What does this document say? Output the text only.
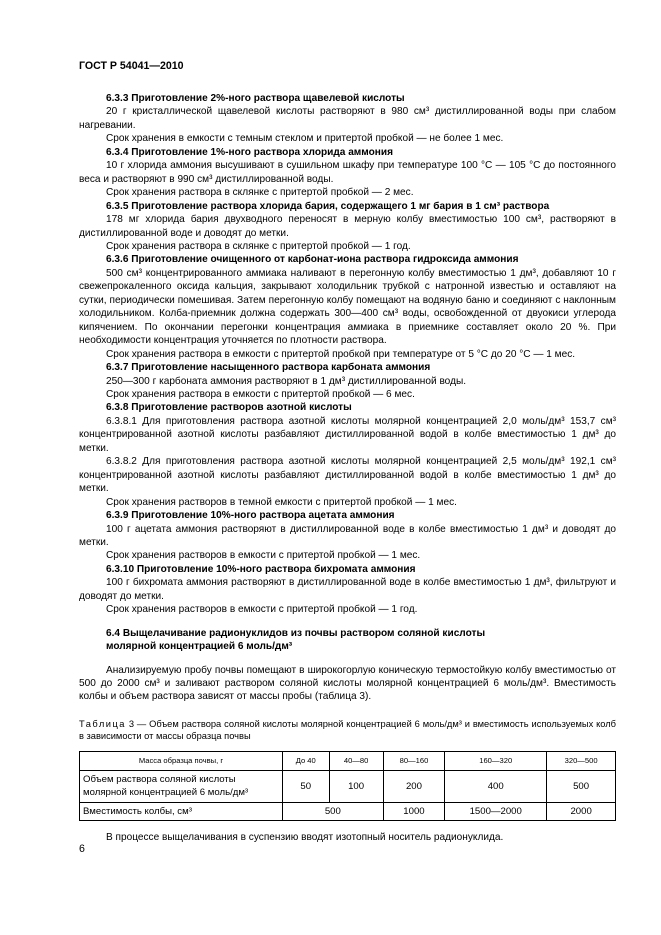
ГОСТ Р 54041—2010

6.3.3 Приготовление 2%-ного раствора щавелевой кислоты

20 г кристаллической щавелевой кислоты растворяют в 980 см³ дистиллированной воды при слабом нагревании.

Срок хранения в емкости с темным стеклом и притертой пробкой — не более 1 мес.

6.3.4 Приготовление 1%-ного раствора хлорида аммония

10 г хлорида аммония высушивают в сушильном шкафу при температуре 100 °С — 105 °С до постоянного веса и растворяют в 990 см³ дистиллированной воды.

Срок хранения раствора в склянке с притертой пробкой — 2 мес.

6.3.5 Приготовление раствора хлорида бария, содержащего 1 мг бария в 1 см³ раствора

178 мг хлорида бария двухводного переносят в мерную колбу вместимостью 100 см³, растворяют в дистиллированной воде и доводят до метки.

Срок хранения раствора в склянке с притертой пробкой — 1 год.

6.3.6 Приготовление очищенного от карбонат-иона раствора гидроксида аммония

500 см³ концентрированного аммиака наливают в перегонную колбу вместимостью 1 дм³, добавляют 10 г свежепрокаленного оксида кальция, закрывают холодильник трубкой с натронной известью и оставляют на сутки, периодически помешивая. Затем перегонную колбу помещают на водяную баню и соединяют с наклонным холодильником. Колба-приемник должна содержать 300—400 см³ воды, освобожденной от двуокиси углерода кипячением. По окончании перегонки концентрация аммиака в приемнике составляет около 20 %. При необходимости концентрация уточняется по плотности раствора.

Срок хранения раствора в емкости с притертой пробкой при температуре от 5 °С до 20 °С — 1 мес.

6.3.7 Приготовление насыщенного раствора карбоната аммония

250—300 г карбоната аммония растворяют в 1 дм³ дистиллированной воды.

Срок хранения раствора в емкости с притертой пробкой — 6 мес.

6.3.8 Приготовление растворов азотной кислоты

6.3.8.1 Для приготовления раствора азотной кислоты молярной концентрацией 2,0 моль/дм³ 153,7 см³ концентрированной азотной кислоты разбавляют дистиллированной водой в колбе вместимостью 1 дм³ до метки.

6.3.8.2 Для приготовления раствора азотной кислоты молярной концентрацией 2,5 моль/дм³ 192,1 см³ концентрированной азотной кислоты разбавляют дистиллированной водой в колбе вместимостью 1 дм³ до метки.

Срок хранения растворов в темной емкости с притертой пробкой — 1 мес.

6.3.9 Приготовление 10%-ного раствора ацетата аммония

100 г ацетата аммония растворяют в дистиллированной воде в колбе вместимостью 1 дм³ и доводят до метки.

Срок хранения растворов в емкости с притертой пробкой — 1 мес.

6.3.10 Приготовление 10%-ного раствора бихромата аммония

100 г бихромата аммония растворяют в дистиллированной воде в колбе вместимостью 1 дм³, фильтруют и доводят до метки.

Срок хранения растворов в емкости с притертой пробкой — 1 год.

6.4 Выщелачивание радионуклидов из почвы раствором соляной кислоты

молярной концентрацией 6 моль/дм³

Анализируемую пробу почвы помещают в широкогорлую коническую термостойкую колбу вместимостью от 500 до 2000 см³ и заливают раствором соляной кислоты молярной концентрацией 6 моль/дм³. Вместимость колбы и объем раствора зависят от массы пробы (таблица 3).

Таблица 3 — Объем раствора соляной кислоты молярной концентрацией 6 моль/дм³ и вместимость используемых колб в зависимости от массы образца почвы

Масса образца почвы, г	До 40	40—80	80—160	160—320	320—500
Объем раствора соляной кислоты молярной концентрацией 6 моль/дм³	50	100	200	400	500
Вместимость колбы, см³	500		1000	1500—2000	2000

В процессе выщелачивания в суспензию вводят изотопный носитель радионуклида.

6
